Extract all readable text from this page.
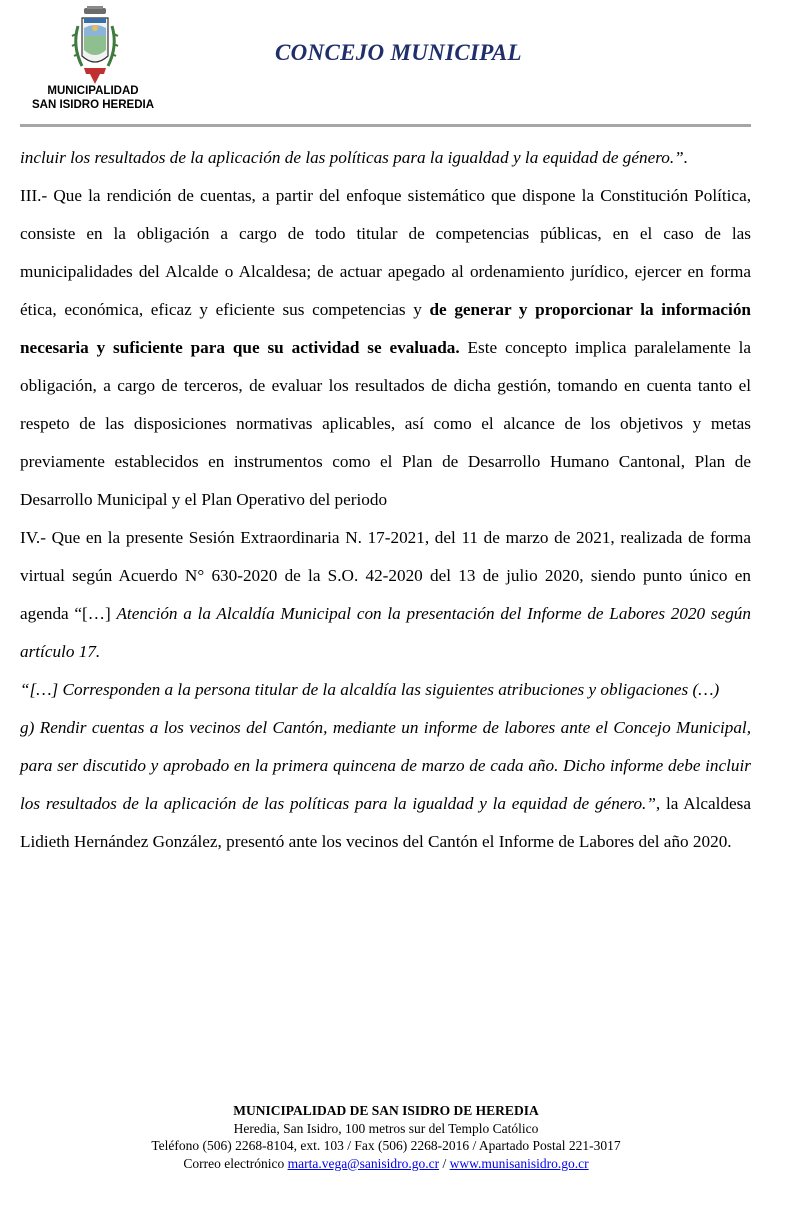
MUNICIPALIDAD
SAN ISIDRO HEREDIA
CONCEJO MUNICIPAL

incluir los resultados de la aplicación de las políticas para la igualdad y la equidad de género.”.

III.- Que la rendición de cuentas, a partir del enfoque sistemático que dispone la Constitución Política, consiste en la obligación a cargo de todo titular de competencias públicas, en el caso de las municipalidades del Alcalde o Alcaldesa; de actuar apegado al ordenamiento jurídico, ejercer en forma ética, económica, eficaz y eficiente sus competencias y de generar y proporcionar la información necesaria y suficiente para que su actividad se evaluada. Este concepto implica paralelamente la obligación, a cargo de terceros, de evaluar los resultados de dicha gestión, tomando en cuenta tanto el respeto de las disposiciones normativas aplicables, así como el alcance de los objetivos y metas previamente establecidos en instrumentos como el Plan de Desarrollo Humano Cantonal, Plan de Desarrollo Municipal y el Plan Operativo del periodo

IV.- Que en la presente Sesión Extraordinaria N. 17-2021, del 11 de marzo de 2021, realizada de forma virtual según Acuerdo N° 630-2020 de la S.O. 42-2020 del 13 de julio 2020, siendo punto único en agenda “[…] Atención a la Alcaldía Municipal con la presentación del Informe de Labores 2020 según artículo 17.

“[…] Corresponden a la persona titular de la alcaldía las siguientes atribuciones y obligaciones (…)

g) Rendir cuentas a los vecinos del Cantón, mediante un informe de labores ante el Concejo Municipal, para ser discutido y aprobado en la primera quincena de marzo de cada año. Dicho informe debe incluir los resultados de la aplicación de las políticas para la igualdad y la equidad de género.”, la Alcaldesa Lidieth Hernández González, presentó ante los vecinos del Cantón el Informe de Labores del año 2020.

MUNICIPALIDAD DE SAN ISIDRO DE HEREDIA
Heredia, San Isidro, 100 metros sur del Templo Católico
Teléfono (506) 2268-8104, ext. 103 / Fax (506) 2268-2016 / Apartado Postal 221-3017
Correo electrónico marta.vega@sanisidro.go.cr / www.munisanisidro.go.cr
